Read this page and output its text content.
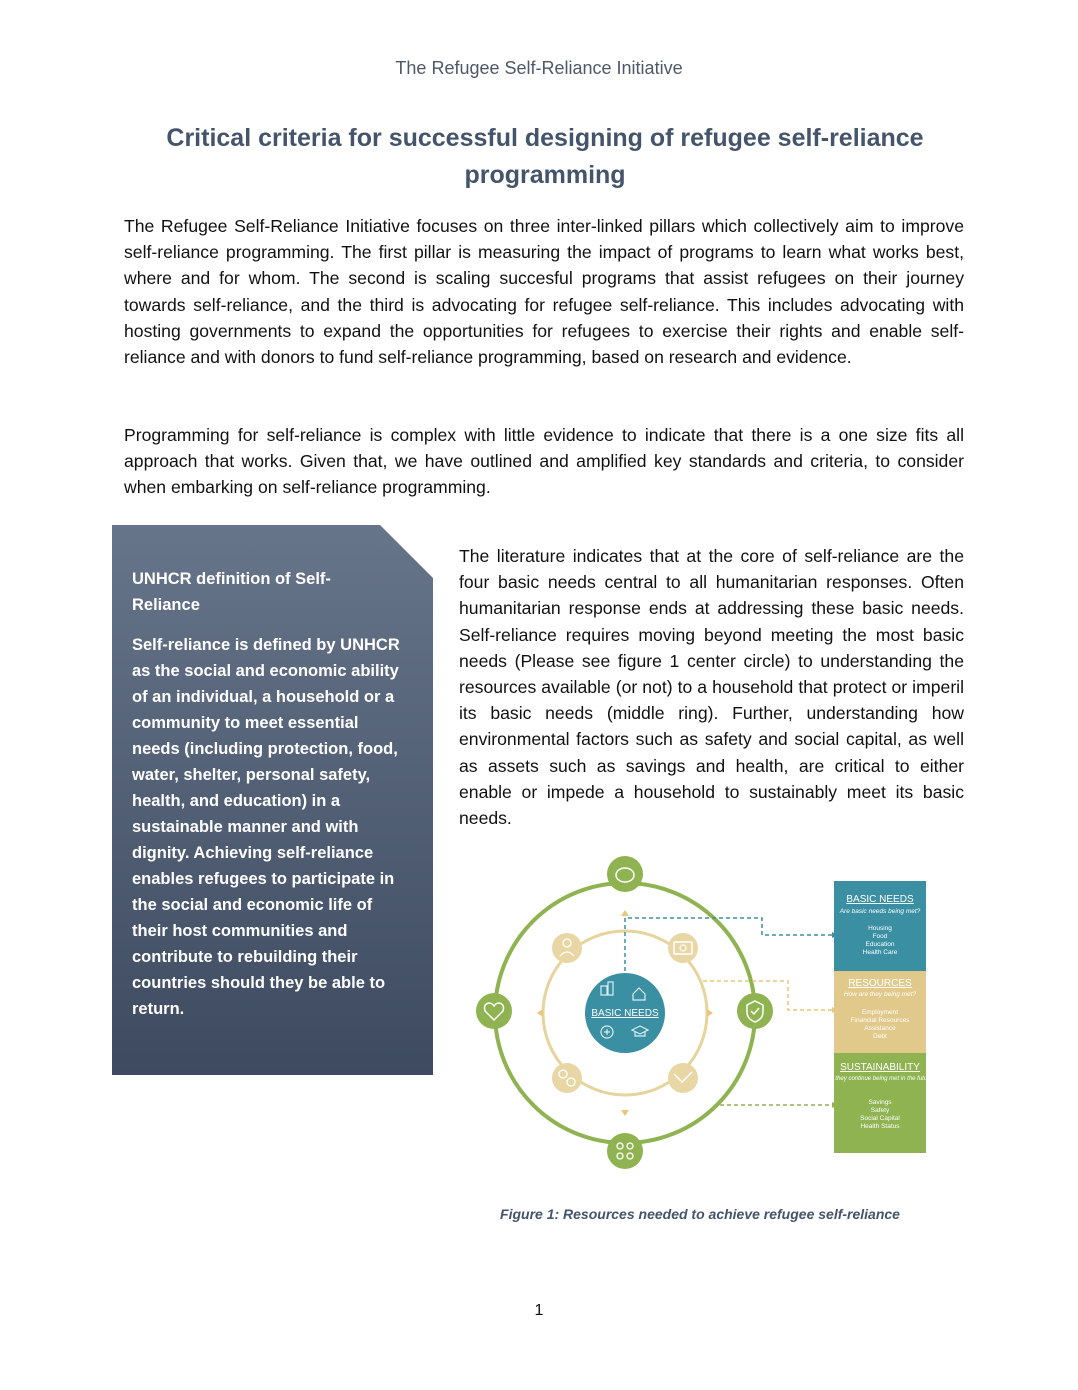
The Refugee Self-Reliance Initiative
Critical criteria for successful designing of refugee self-reliance programming

The Refugee Self-Reliance Initiative focuses on three inter-linked pillars which collectively aim to improve self-reliance programming. The first pillar is measuring the impact of programs to learn what works best, where and for whom. The second is scaling succesful programs that assist refugees on their journey towards self-reliance, and the third is advocating for refugee self-reliance. This includes advocating with hosting governments to expand the opportunities for refugees to exercise their rights and enable self-reliance and with donors to fund self-reliance programming, based on research and evidence.

Programming for self-reliance is complex with little evidence to indicate that there is a one size fits all approach that works. Given that, we have outlined and amplified key standards and criteria, to consider when embarking on self-reliance programming.

UNHCR definition of Self-Reliance

Self-reliance is defined by UNHCR as the social and economic ability of an individual, a household or a community to meet essential needs (including protection, food, water, shelter, personal safety, health, and education) in a sustainable manner and with dignity. Achieving self-reliance enables refugees to participate in the social and economic life of their host communities and contribute to rebuilding their countries should they be able to return.

The literature indicates that at the core of self-reliance are the four basic needs central to all humanitarian responses. Often humanitarian response ends at addressing these basic needs. Self-reliance requires moving beyond meeting the most basic needs (Please see figure 1 center circle) to understanding the resources available (or not) to a household that protect or imperil its basic needs (middle ring). Further, understanding how environmental factors such as safety and social capital, as well as assets such as savings and health, are critical to either enable or impede a household to sustainably meet its basic needs.

BASIC NEEDS
BASIC NEEDS
Are basic needs being met?
Housing
Food
Education
Health Care
RESOURCES
How are they being met?
Employment
Financial Resources
Assistance
Debt
SUSTAINABILITY
Will they continue being met in the future?
Savings
Safety
Social Capital
Health Status
Figure 1: Resources needed to achieve refugee self-reliance
1
